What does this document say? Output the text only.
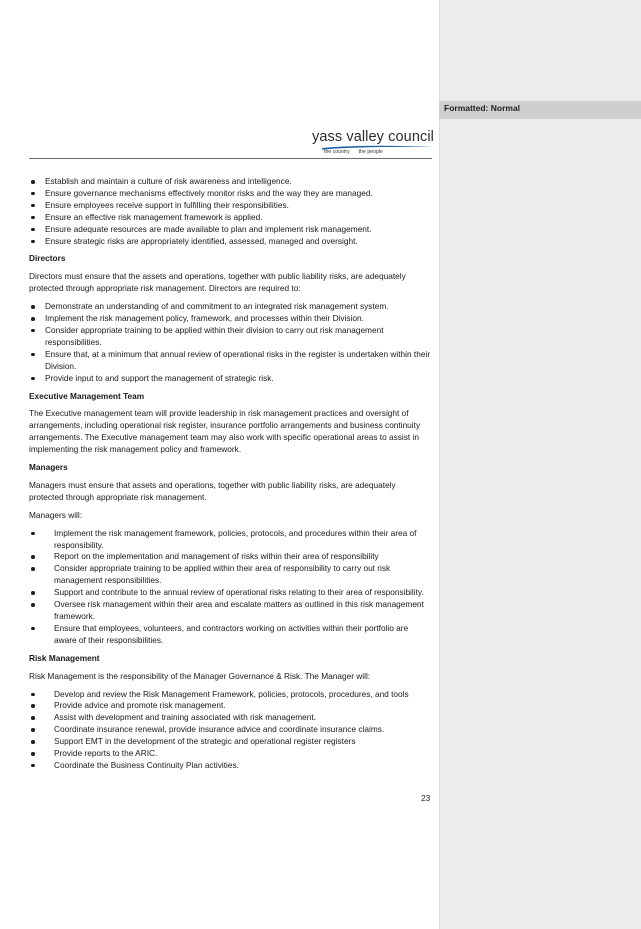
Formatted: Normal
yass valley council
the country the people
Establish and maintain a culture of risk awareness and intelligence.
Ensure governance mechanisms effectively monitor risks and the way they are managed.
Ensure employees receive support in fulfilling their responsibilities.
Ensure an effective risk management framework is applied.
Ensure adequate resources are made available to plan and implement risk management.
Ensure strategic risks are appropriately identified, assessed, managed and oversight.
Directors

Directors must ensure that the assets and operations, together with public liability risks, are adequately protected through appropriate risk management. Directors are required to:

Demonstrate an understanding of and commitment to an integrated risk management system.
Implement the risk management policy, framework, and processes within their Division.
Consider appropriate training to be applied within their division to carry out risk management responsibilities.
Ensure that, at a minimum that annual review of operational risks in the register is undertaken within their Division.
Provide input to and support the management of strategic risk.
Executive Management Team

The Executive management team will provide leadership in risk management practices and oversight of arrangements, including operational risk register, insurance portfolio arrangements and business continuity arrangements. The Executive management team may also work with specific operational areas to assist in implementing the risk management policy and framework.

Managers

Managers must ensure that assets and operations, together with public liability risks, are adequately protected through appropriate risk management.

Managers will:

Implement the risk management framework, policies, protocols, and procedures within their area of responsibility.
Report on the implementation and management of risks within their area of responsibility
Consider appropriate training to be applied within their area of responsibility to carry out risk management responsibilities.
Support and contribute to the annual review of operational risks relating to their area of responsibility.
Oversee risk management within their area and escalate matters as outlined in this risk management framework.
Ensure that employees, volunteers, and contractors working on activities within their portfolio are aware of their responsibilities.
Risk Management

Risk Management is the responsibility of the Manager Governance & Risk. The Manager will:

Develop and review the Risk Management Framework, policies, protocols, procedures, and tools
Provide advice and promote risk management.
Assist with development and training associated with risk management.
Coordinate insurance renewal, provide insurance advice and coordinate insurance claims.
Support EMT in the development of the strategic and operational register registers
Provide reports to the ARIC.
Coordinate the Business Continuity Plan activities.
23
